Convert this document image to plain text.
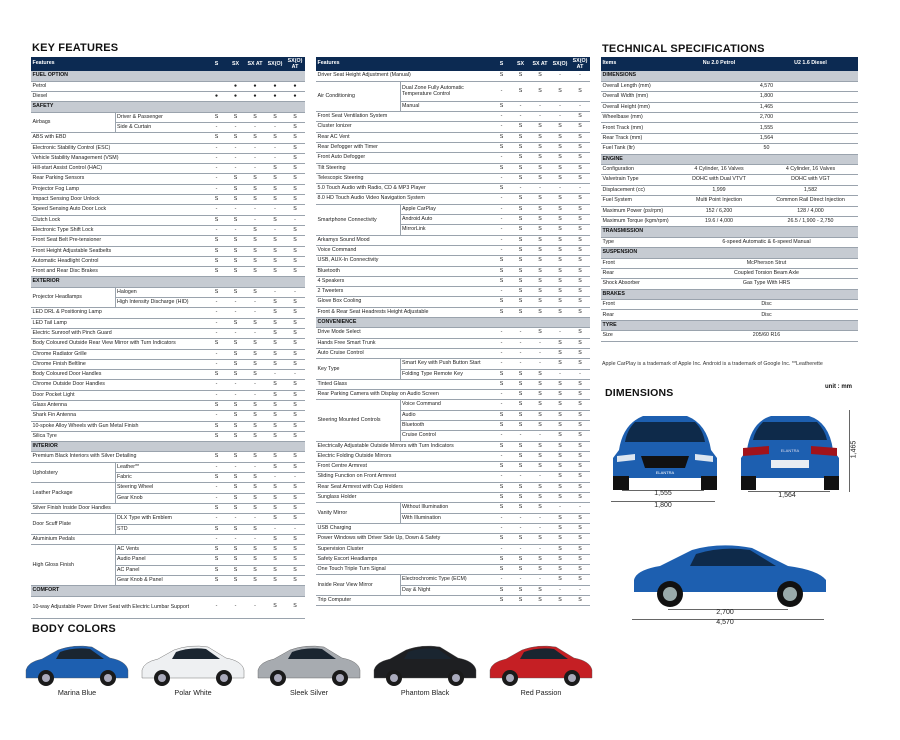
KEY FEATURES	TECHNICAL SPECIFICATIONS
DIMENSIONS
BODY COLORS
Features		S	SX	SX AT	SX(O)	SX(O) AT
FUEL OPTION						
Petrol			●	●	●	●
Diesel		●	●	●	●	●
SAFETY						
Airbags	Driver & Passenger	S	S	S	S	S
	Side & Curtain	-	-	-	-	S
ABS with EBD		S	S	S	S	S
Electronic Stability Control (ESC)		-	-	-	-	S
Vehicle Stability Management (VSM)		-	-	-	-	S
Hill-start Assist Control (HAC)		-	-	-	S	S
Rear Parking Sensors		-	S	S	S	S
Projector Fog Lamp		-	S	S	S	S
Impact Sensing Door Unlock		S	S	S	S	S
Speed Sensing Auto Door Lock		-	-	-	-	S
Clutch Lock		S	S	-	S	-
Electronic Type Shift Lock		-	-	S	-	S
Front Seat Belt Pre-tensioner		S	S	S	S	S
Front Height Adjustable Seatbelts		S	S	S	S	S
Automatic Headlight Control		S	S	S	S	S
Front and Rear Disc Brakes		S	S	S	S	S
EXTERIOR						
Projector Headlamps	Halogen	S	S	S	-	-
	High Intensity Discharge (HID)	-	-	-	S	S
LED DRL & Positioning Lamp		-	-	-	S	S
LED Tail Lamp		-	S	S	S	S
Electric Sunroof with Pinch Guard		-	-	-	S	S
Body Coloured Outside Rear View Mirror with Turn Indicators		S	S	S	S	S
Chrome Radiator Grille		-	S	S	S	S
Chrome Finish Beltline		-	S	S	S	S
Body Coloured Door Handles		S	S	S	-	-
Chrome Outside Door Handles		-	-	-	S	S
Door Pocket Light		-	-	-	S	S
Glass Antenna		S	S	S	S	S
Shark Fin Antenna		-	S	S	S	S
10-spoke Alloy Wheels with Gun Metal Finish		S	S	S	S	S
Silica Tyre		S	S	S	S	S
INTERIOR						
Premium Black Interiors with Silver Detailing		S	S	S	S	S
Upholstery	Leather**	-	-	-	S	S
	Fabric	S	S	S	-	-
Leather Package	Steering Wheel	-	S	S	S	S
	Gear Knob	-	S	S	S	S
Silver Finish Inside Door Handles		S	S	S	S	S
Door Scuff Plate	DLX Type with Emblem	-	-	-	S	S
	STD	S	S	S	-	-
Aluminium Pedals		-	-	-	S	S
High Gloss Finish	AC Vents	S	S	S	S	S
	Audio Panel	S	S	S	S	S
	AC Panel	S	S	S	S	S
	Gear Knob & Panel	S	S	S	S	S
COMFORT						
10-way Adjustable Power Driver Seat with Electric Lumbar Support		-	-	-	S	S
Features		S	SX	SX AT	SX(O)	SX(O) AT
Driver Seat Height Adjustment (Manual)		S	S	S	-	-
Air Conditioning	Dual Zone Fully Automatic Temperature Control	-	S	S	S	S
	Manual	S	-	-	-	-
Front Seat Ventilation System		-	-	-	-	S
Cluster Ionizer		-	S	S	S	S
Rear AC Vent		S	S	S	S	S
Rear Defogger with Timer		S	S	S	S	S
Front Auto Defogger		-	S	S	S	S
Tilt Steering		S	S	S	S	S
Telescopic Steering		-	S	S	S	S
5.0 Touch Audio with Radio, CD & MP3 Player		S	-	-	-	-
8.0 HD Touch Audio Video Navigation System		-	S	S	S	S
Smartphone Connectivity	Apple CarPlay	-	S	S	S	S
	Android Auto	-	S	S	S	S
	MirrorLink	-	S	S	S	S
Arkamys Sound Mood		-	S	S	S	S
Voice Command		-	S	S	S	S
USB, AUX-In Connectivity		S	S	S	S	S
Bluetooth		S	S	S	S	S
4 Speakers		S	S	S	S	S
2 Tweeters		-	S	S	S	S
Glove Box Cooling		S	S	S	S	S
Front & Rear Seat Headrests Height Adjustable		S	S	S	S	S
CONVENIENCE						
Drive Mode Select		-	-	S	-	S
Hands Free Smart Trunk		-	-	-	S	S
Auto Cruise Control		-	-	-	S	S
Key Type	Smart Key with Push Button Start	-	-	-	S	S
	Folding Type Remote Key	S	S	S	-	-
Tinted Glass		S	S	S	S	S
Rear Parking Camera with Display on Audio Screen		-	S	S	S	S
Steering Mounted Controls	Voice Command	-	S	S	S	S
	Audio	S	S	S	S	S
	Bluetooth	S	S	S	S	S
	Cruise Control	-	-	-	S	S
Electrically Adjustable Outside Mirrors with Turn Indicators		S	S	S	S	S
Electric Folding Outside Mirrors		-	S	S	S	S
Front Centre Armrest		S	S	S	S	S
Sliding Function on Front Armrest		-	-	-	S	S
Rear Seat Armrest with Cup Holders		S	S	S	S	S
Sunglass Holder		S	S	S	S	S
Vanity Mirror	Without Illumination	S	S	S	-	-
	With Illumination	-	-	-	S	S
USB Charging		-	-	-	S	S
Power Windows with Driver Side Up, Down & Safety		S	S	S	S	S
Supervision Cluster		-	-	-	S	S
Safety Escort Headlamps		S	S	S	S	S
One Touch Triple Turn Signal		S	S	S	S	S
Inside Rear View Mirror	Electrochromic Type (ECM)	-	-	-	S	S
	Day & Night	S	S	S	-	-
Trip Computer		S	S	S	S	S
Items	Nu 2.0 Petrol	U2 1.6 Diesel
DIMENSIONS		
Overall Length (mm)	4,570	
Overall Width (mm)	1,800	
Overall Height (mm)	1,465	
Wheelbase (mm)	2,700	
Front Track (mm)	1,555	
Rear Track (mm)	1,564	
Fuel Tank (ltr)	50	
ENGINE		
Configuration	4 Cylinder, 16 Valves	4 Cylinder, 16 Valves
Valvetrain Type	DOHC with Dual VTVT	DOHC with VGT
Displacement (cc)	1,999	1,582
Fuel System	Multi Point Injection	Common Rail Direct Injection
Maximum Power (ps/rpm)	152 / 6,200	128 / 4,000
Maximum Torque (kgm/rpm)	19.6 / 4,000	26.5 / 1,900 - 2,750
TRANSMISSION		
Type	6-speed Automatic & 6-speed Manual	
SUSPENSION		
Front	McPherson Strut	
Rear	Coupled Torsion Beam Axle	
Shock Absorber	Gas Type With HRS	
BRAKES		
Front	Disc	
Rear	Disc	
TYRE		
Size	205/60 R16	
Apple CarPlay is a trademark of Apple Inc. Android is a trademark of Google Inc. **Leatherette
unit : mm
ELANTRA
ELANTRA
1,555
1,800
1,564
1,465
2,700
4,570
Marina Blue	Polar White	Sleek Silver	Phantom Black	Red Passion
